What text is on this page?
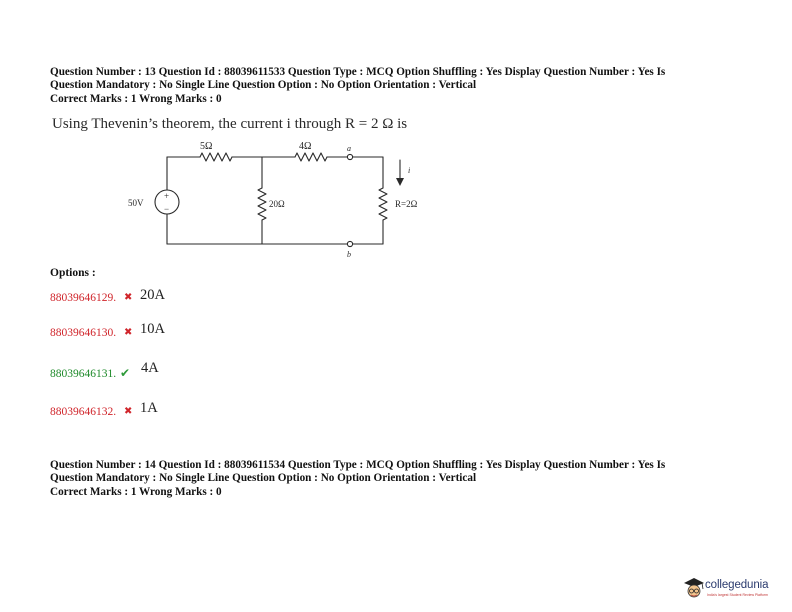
Question Number : 13 Question Id : 88039611533 Question Type : MCQ Option Shuffling : Yes Display Question Number : Yes Is
Question Mandatory : No Single Line Question Option : No Option Orientation : Vertical
Correct Marks : 1 Wrong Marks : 0
Using Thevenin’s theorem, the current i through R = 2 Ω is
5Ω	4Ω	a
i
50V
+
−	20Ω	R=2Ω
b
Options :
88039646129. ✖ 20A
88039646130. ✖ 10A
88039646131. ✔ 4A
88039646132. ✖ 1A
Question Number : 14 Question Id : 88039611534 Question Type : MCQ Option Shuffling : Yes Display Question Number : Yes Is
Question Mandatory : No Single Line Question Option : No Option Orientation : Vertical
Correct Marks : 1 Wrong Marks : 0
collegedunia
India's largest Student Review Platform
